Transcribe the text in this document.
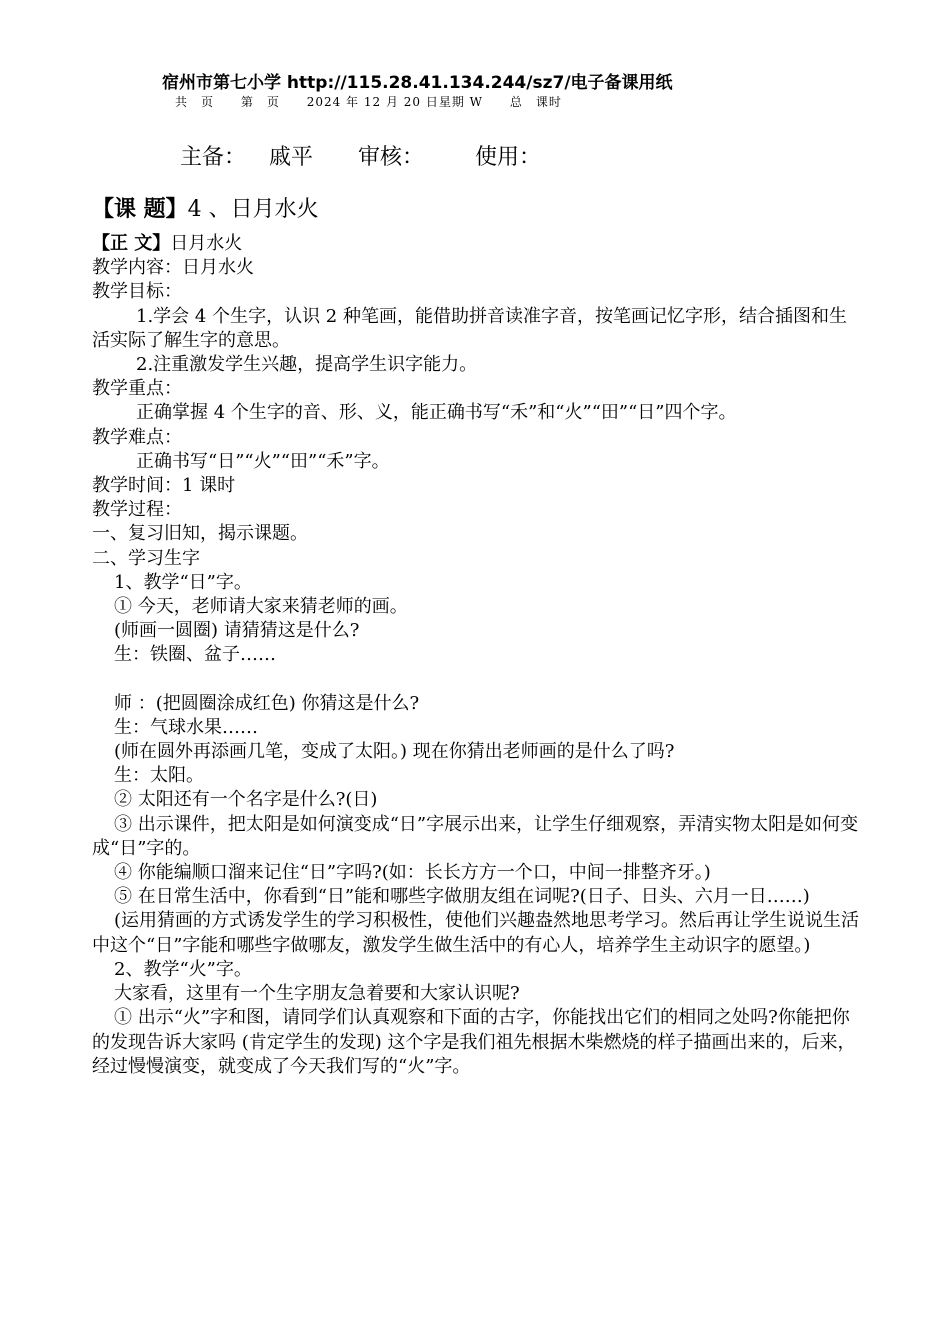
宿州市第七小学 http://115.28.41.134.244/sz7/电子备课用纸
共　页 第　页 2024 年 12 月 20 日星期 W 总　课时
主备： 戚平 审核： 使用：
【课 题】4 、日月水火

【正 文】日月水火

教学内容：日月水火

教学目标：

1.学会 4 个生字，认识 2 种笔画，能借助拼音读准字音，按笔画记忆字形，结合插图和生活实际了解生字的意思。

2.注重激发学生兴趣，提高学生识字能力。

教学重点：

正确掌握 4 个生字的音、形、义，能正确书写“禾”和“火”“田”“日”四个字。

教学难点：

正确书写“日”“火”“田”“禾”字。

教学时间：1 课时

教学过程：

一、复习旧知，揭示课题。

二、学习生字

1、教学“日”字。

① 今天，老师请大家来猜老师的画。

(师画一圆圈) 请猜猜这是什么?

生：铁圈、盆子……

师 ：(把圆圈涂成红色) 你猜这是什么?

生：气球水果……

(师在圆外再添画几笔，变成了太阳。) 现在你猜出老师画的是什么了吗?

生：太阳。

② 太阳还有一个名字是什么?(日)

③ 出示课件，把太阳是如何演变成“日”字展示出来，让学生仔细观察，弄清实物太阳是如何变成“日”字的。

④ 你能编顺口溜来记住“日”字吗?(如：长长方方一个口，中间一排整齐牙。)

⑤ 在日常生活中，你看到“日”能和哪些字做朋友组在词呢?(日子、日头、六月一日……)

(运用猜画的方式诱发学生的学习积极性，使他们兴趣盎然地思考学习。然后再让学生说说生活中这个“日”字能和哪些字做哪友，激发学生做生活中的有心人，培养学生主动识字的愿望。)

2、教学“火”字。

大家看，这里有一个生字朋友急着要和大家认识呢?

① 出示“火”字和图，请同学们认真观察和下面的古字，你能找出它们的相同之处吗?你能把你的发现告诉大家吗 (肯定学生的发现) 这个字是我们祖先根据木柴燃烧的样子描画出来的，后来，经过慢慢演变，就变成了今天我们写的“火”字。
